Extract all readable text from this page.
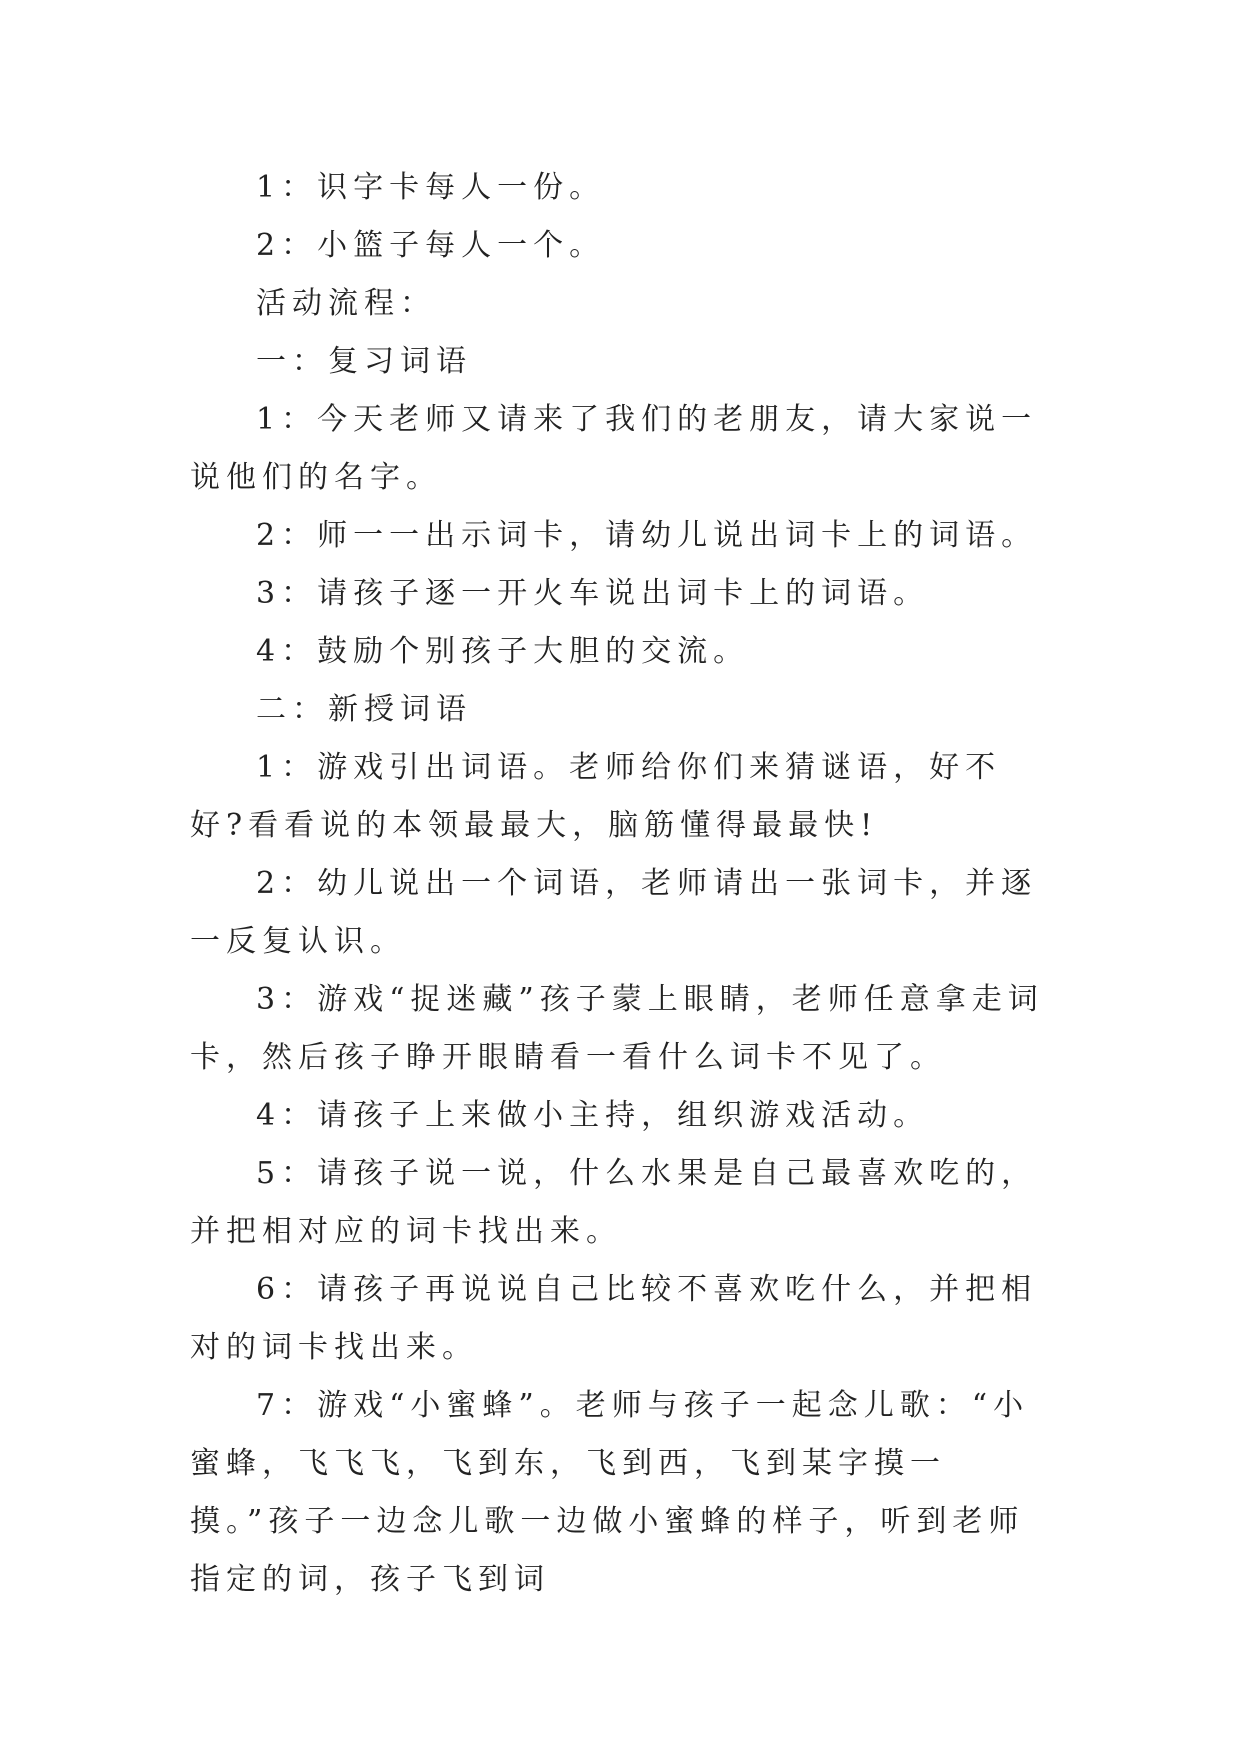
1：识字卡每人一份。

2：小篮子每人一个。

活动流程：

一：复习词语

1：今天老师又请来了我们的老朋友，请大家说一说他们的名字。

2：师一一出示词卡，请幼儿说出词卡上的词语。

3：请孩子逐一开火车说出词卡上的词语。

4：鼓励个别孩子大胆的交流。

二：新授词语

1：游戏引出词语。老师给你们来猜谜语，好不好?看看说的本领最最大，脑筋懂得最最快!

2：幼儿说出一个词语，老师请出一张词卡，并逐一反复认识。

3：游戏“捉迷藏”孩子蒙上眼睛，老师任意拿走词卡，然后孩子睁开眼睛看一看什么词卡不见了。

4：请孩子上来做小主持，组织游戏活动。

5：请孩子说一说，什么水果是自己最喜欢吃的，并把相对应的词卡找出来。

6：请孩子再说说自己比较不喜欢吃什么，并把相对的词卡找出来。

7：游戏“小蜜蜂”。老师与孩子一起念儿歌：“小蜜蜂，飞飞飞，飞到东，飞到西，飞到某字摸一摸。”孩子一边念儿歌一边做小蜜蜂的样子，听到老师指定的词，孩子飞到词
